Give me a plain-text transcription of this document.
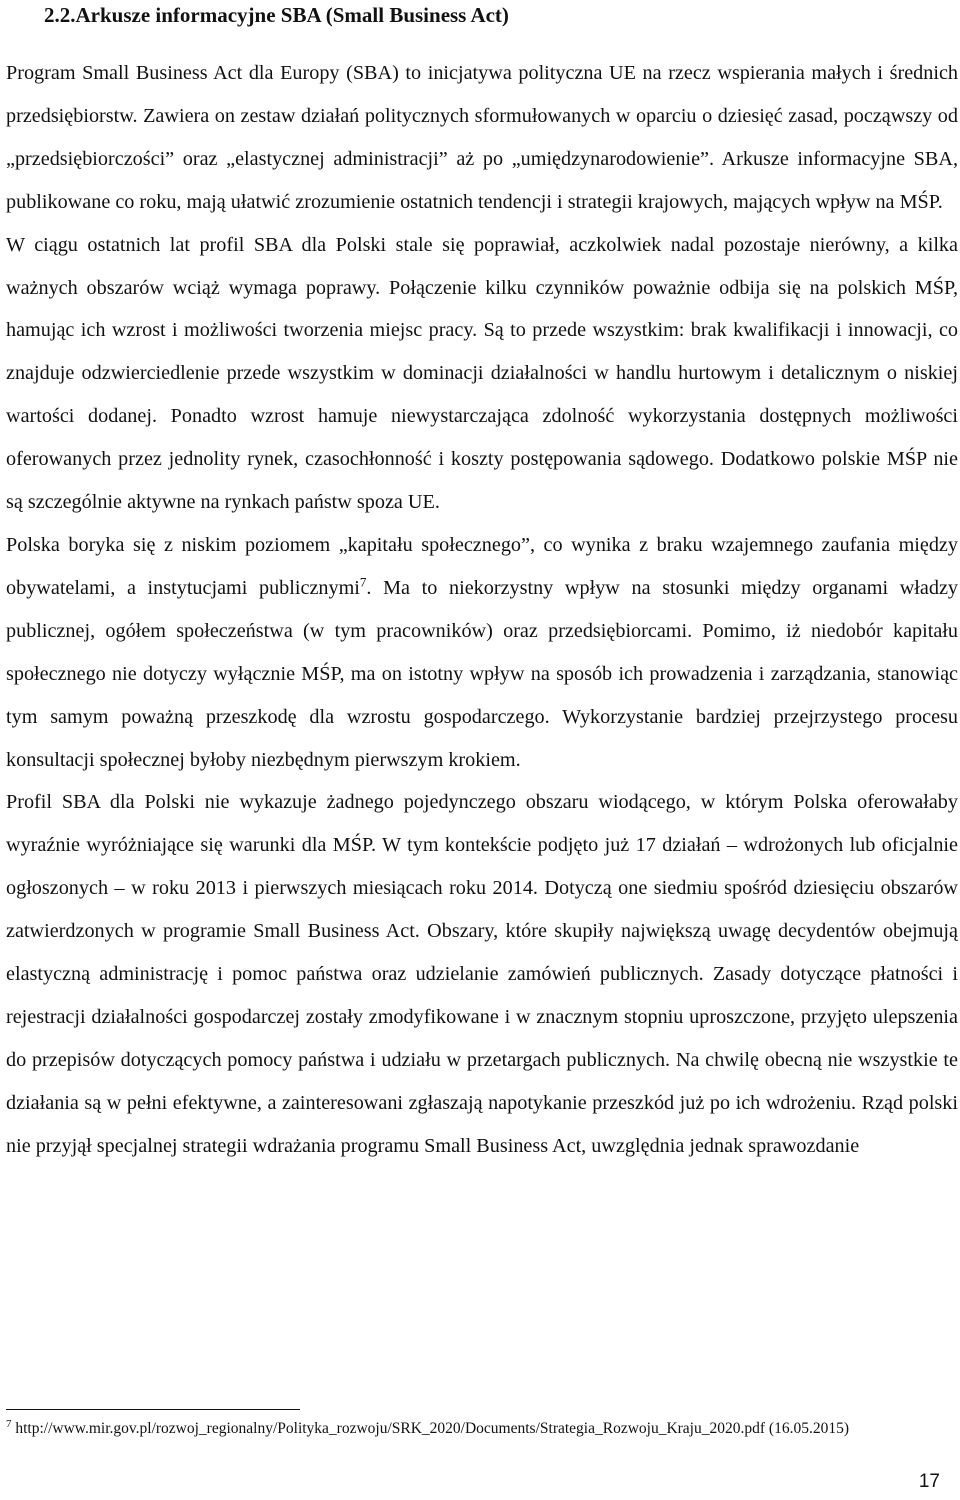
2.2.Arkusze informacyjne SBA (Small Business Act)

Program Small Business Act dla Europy (SBA) to inicjatywa polityczna UE na rzecz wspierania małych i średnich przedsiębiorstw. Zawiera on zestaw działań politycznych sformułowanych w oparciu o dziesięć zasad, począwszy od „przedsiębiorczości” oraz „elastycznej administracji” aż po „umiędzynarodowienie”. Arkusze informacyjne SBA, publikowane co roku, mają ułatwić zrozumienie ostatnich tendencji i strategii krajowych, mających wpływ na MŚP.

W ciągu ostatnich lat profil SBA dla Polski stale się poprawiał, aczkolwiek nadal pozostaje nierówny, a kilka ważnych obszarów wciąż wymaga poprawy. Połączenie kilku czynników poważnie odbija się na polskich MŚP, hamując ich wzrost i możliwości tworzenia miejsc pracy. Są to przede wszystkim: brak kwalifikacji i innowacji, co znajduje odzwierciedlenie przede wszystkim w dominacji działalności w handlu hurtowym i detalicznym o niskiej wartości dodanej. Ponadto wzrost hamuje niewystarczająca zdolność wykorzystania dostępnych możliwości oferowanych przez jednolity rynek, czasochłonność i koszty postępowania sądowego. Dodatkowo polskie MŚP nie są szczególnie aktywne na rynkach państw spoza UE.

Polska boryka się z niskim poziomem „kapitału społecznego”, co wynika z braku wzajemnego zaufania między obywatelami, a instytucjami publicznymi$^7$. Ma to niekorzystny wpływ na stosunki między organami władzy publicznej, ogółem społeczeństwa (w tym pracowników) oraz przedsiębiorcami. Pomimo, iż niedobór kapitału społecznego nie dotyczy wyłącznie MŚP, ma on istotny wpływ na sposób ich prowadzenia i zarządzania, stanowiąc tym samym poważną przeszkodę dla wzrostu gospodarczego. Wykorzystanie bardziej przejrzystego procesu konsultacji społecznej byłoby niezbędnym pierwszym krokiem.

Profil SBA dla Polski nie wykazuje żadnego pojedynczego obszaru wiodącego, w którym Polska oferowałaby wyraźnie wyróżniające się warunki dla MŚP. W tym kontekście podjęto już 17 działań – wdrożonych lub oficjalnie ogłoszonych – w roku 2013 i pierwszych miesiącach roku 2014. Dotyczą one siedmiu spośród dziesięciu obszarów zatwierdzonych w programie Small Business Act. Obszary, które skupiły największą uwagę decydentów obejmują elastyczną administrację i pomoc państwa oraz udzielanie zamówień publicznych. Zasady dotyczące płatności i rejestracji działalności gospodarczej zostały zmodyfikowane i w znacznym stopniu uproszczone, przyjęto ulepszenia do przepisów dotyczących pomocy państwa i udziału w przetargach publicznych. Na chwilę obecną nie wszystkie te działania są w pełni efektywne, a zainteresowani zgłaszają napotykanie przeszkód już po ich wdrożeniu. Rząd polski nie przyjął specjalnej strategii wdrażania programu Small Business Act, uwzględnia jednak sprawozdanie

$^7$ http://www.mir.gov.pl/rozwoj_regionalny/Polityka_rozwoju/SRK_2020/Documents/Strategia_Rozwoju_Kraju_2020.pdf (16.05.2015)
17
